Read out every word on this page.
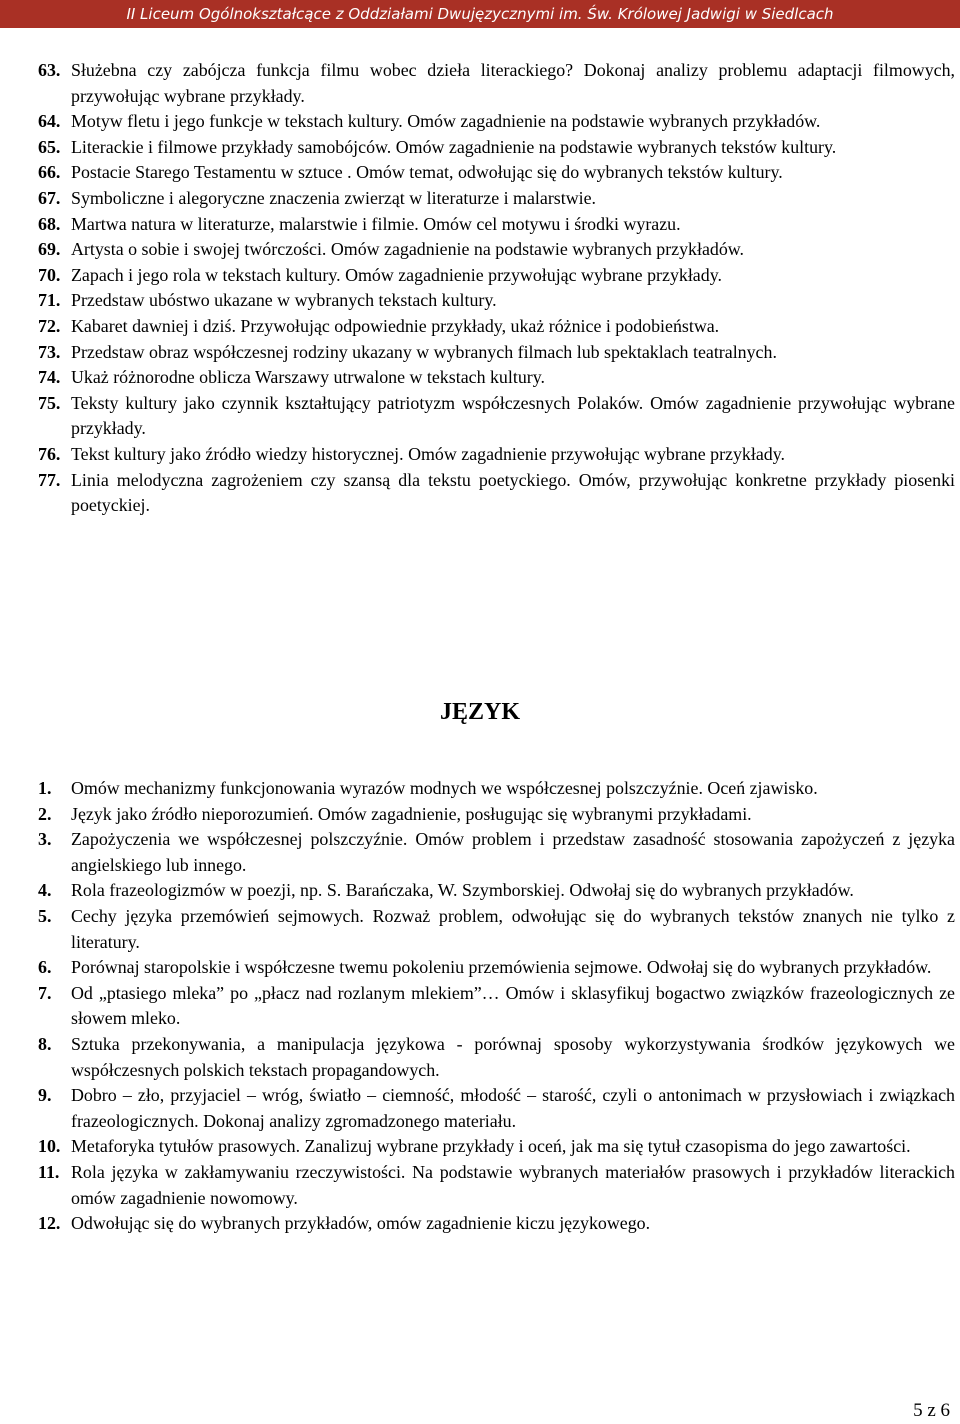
II Liceum Ogólnokształcące z Oddziałami Dwujęzycznymi im. Św. Królowej Jadwigi w Siedlcach
63. Służebna czy zabójcza funkcja filmu wobec dzieła literackiego? Dokonaj analizy problemu adaptacji filmowych, przywołując wybrane przykłady.
64. Motyw fletu i jego funkcje w tekstach kultury. Omów zagadnienie na podstawie wybranych przykładów.
65. Literackie i filmowe przykłady samobójców. Omów zagadnienie na podstawie wybranych tekstów kultury.
66. Postacie Starego Testamentu w sztuce . Omów temat, odwołując się do wybranych tekstów kultury.
67. Symboliczne i alegoryczne znaczenia zwierząt w literaturze i malarstwie.
68. Martwa natura w literaturze, malarstwie i filmie. Omów cel motywu i środki wyrazu.
69. Artysta o sobie i swojej twórczości. Omów zagadnienie na podstawie wybranych przykładów.
70. Zapach i jego rola w tekstach kultury. Omów zagadnienie przywołując wybrane przykłady.
71. Przedstaw ubóstwo ukazane w wybranych tekstach kultury.
72. Kabaret dawniej i dziś. Przywołując odpowiednie przykłady, ukaż różnice i podobieństwa.
73. Przedstaw obraz współczesnej rodziny ukazany w wybranych filmach lub spektaklach teatralnych.
74. Ukaż różnorodne oblicza Warszawy utrwalone w tekstach kultury.
75. Teksty kultury jako czynnik kształtujący patriotyzm współczesnych Polaków. Omów zagadnienie przywołując wybrane przykłady.
76. Tekst kultury jako źródło wiedzy historycznej. Omów zagadnienie przywołując wybrane przykłady.
77. Linia melodyczna zagrożeniem czy szansą dla tekstu poetyckiego. Omów, przywołując konkretne przykłady piosenki poetyckiej.
JĘZYK
1. Omów mechanizmy funkcjonowania wyrazów modnych we współczesnej polszczyźnie. Oceń zjawisko.
2. Język jako źródło nieporozumień. Omów zagadnienie, posługując się wybranymi przykładami.
3. Zapożyczenia we współczesnej polszczyźnie. Omów problem i przedstaw zasadność stosowania zapożyczeń z języka angielskiego lub innego.
4. Rola frazeologizmów w poezji, np. S. Barańczaka, W. Szymborskiej. Odwołaj się do wybranych przykładów.
5. Cechy języka przemówień sejmowych. Rozważ problem, odwołując się do wybranych tekstów znanych nie tylko z literatury.
6. Porównaj staropolskie i współczesne twemu pokoleniu przemówienia sejmowe. Odwołaj się do wybranych przykładów.
7. Od „ptasiego mleka” po „płacz nad rozlanym mlekiem”… Omów i sklasyfikuj bogactwo związków frazeologicznych ze słowem mleko.
8. Sztuka przekonywania, a manipulacja językowa - porównaj sposoby wykorzystywania środków językowych we współczesnych polskich tekstach propagandowych.
9. Dobro – zło, przyjaciel – wróg, światło – ciemność, młodość – starość, czyli o antonimach w przysłowiach i związkach frazeologicznych. Dokonaj analizy zgromadzonego materiału.
10. Metaforyka tytułów prasowych. Zanalizuj wybrane przykłady i oceń, jak ma się tytuł czasopisma do jego zawartości.
11. Rola języka w zakłamywaniu rzeczywistości. Na podstawie wybranych materiałów prasowych i przykładów literackich omów zagadnienie nowomowy.
12. Odwołując się do wybranych przykładów, omów zagadnienie kiczu językowego.
5 z 6
